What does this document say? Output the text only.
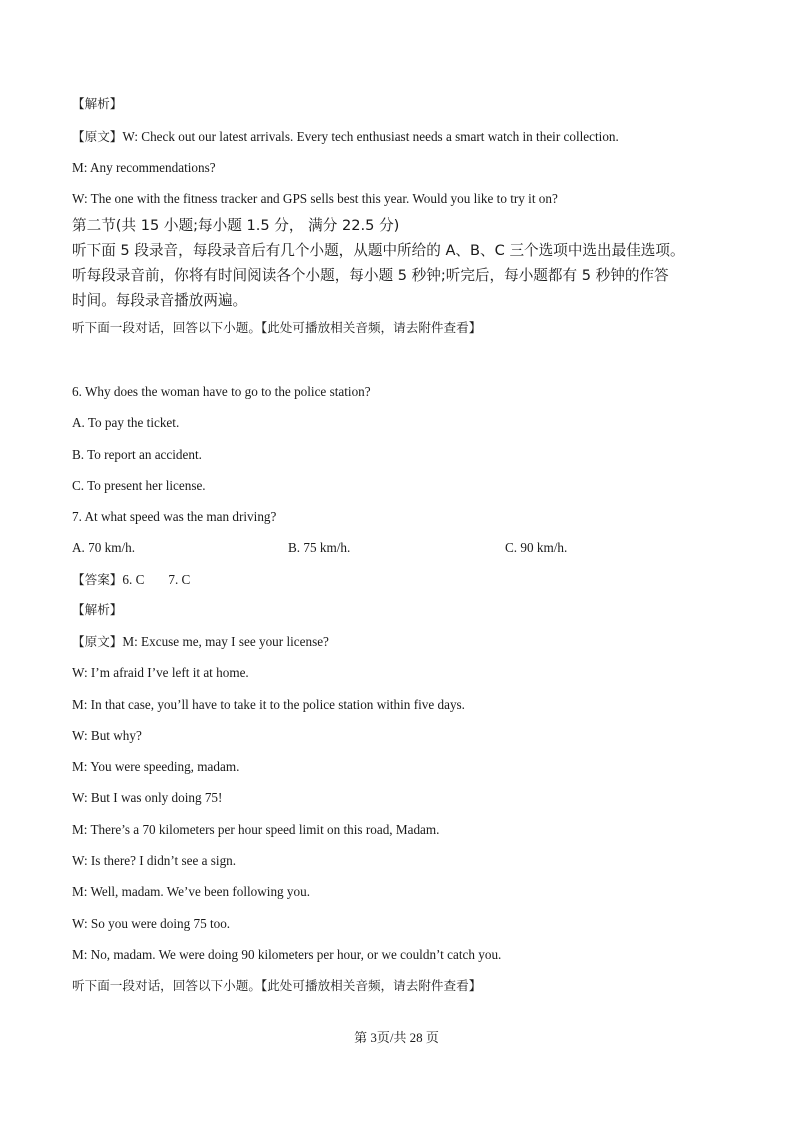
【解析】
【原文】W: Check out our latest arrivals. Every tech enthusiast needs a smart watch in their collection.
M: Any recommendations?
W: The one with the fitness tracker and GPS sells best this year. Would you like to try it on?
第二节(共 15 小题;每小题 1.5 分， 满分 22.5 分)
听下面 5 段录音，每段录音后有几个小题，从题中所给的 A、B、C 三个选项中选出最佳选项。
听每段录音前，你将有时间阅读各个小题，每小题 5 秒钟;听完后，每小题都有 5 秒钟的作答
时间。每段录音播放两遍。
听下面一段对话，回答以下小题。【此处可播放相关音频，请去附件查看】
6. Why does the woman have to go to the police station?
A. To pay the ticket.
B. To report an accident.
C. To present her license.
7. At what speed was the man driving?
A. 70 km/h.	B. 75 km/h.	C. 90 km/h.
【答案】6. C 7. C
【解析】
【原文】M: Excuse me, may I see your license?
W: I’m afraid I’ve left it at home.
M: In that case, you’ll have to take it to the police station within five days.
W: But why?
M: You were speeding, madam.
W: But I was only doing 75!
M: There’s a 70 kilometers per hour speed limit on this road, Madam.
W: Is there? I didn’t see a sign.
M: Well, madam. We’ve been following you.
W: So you were doing 75 too.
M: No, madam. We were doing 90 kilometers per hour, or we couldn’t catch you.
听下面一段对话，回答以下小题。【此处可播放相关音频，请去附件查看】
第 3页/共 28 页
